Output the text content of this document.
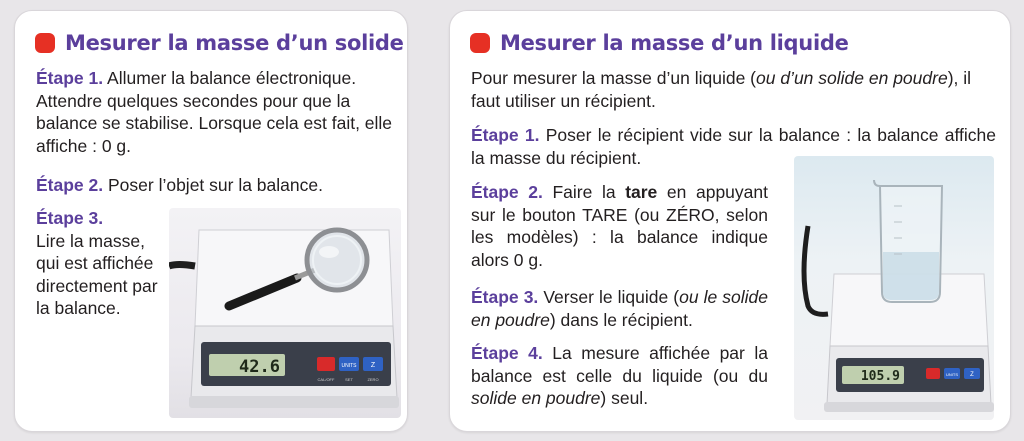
Mesurer la masse d’un solide

Étape 1. Allumer la balance électronique. Attendre quelques secondes pour que la balance se stabilise. Lorsque cela est fait, elle affiche : 0 g.

Étape 2. Poser l’objet sur la balance.

Étape 3.
Lire la masse, qui est affichée directement par la balance.

42.6	UNITS Z
CAL/OFF	SET	ZERO
Mesurer la masse d’un liquide

Pour mesurer la masse d’un liquide (ou d’un solide en poudre), il faut utiliser un récipient.

Étape 1. Poser le récipient vide sur la balance : la balance affiche la masse du récipient.

Étape 2. Faire la tare en appuyant sur le bouton TARE (ou ZÉRO, selon les modèles) : la balance indique alors 0 g.

Étape 3. Verser le liquide (ou le solide en poudre) dans le récipient.

Étape 4. La mesure affichée par la balance est celle du liquide (ou du solide en poudre) seul.

105.9	UNITS Z
